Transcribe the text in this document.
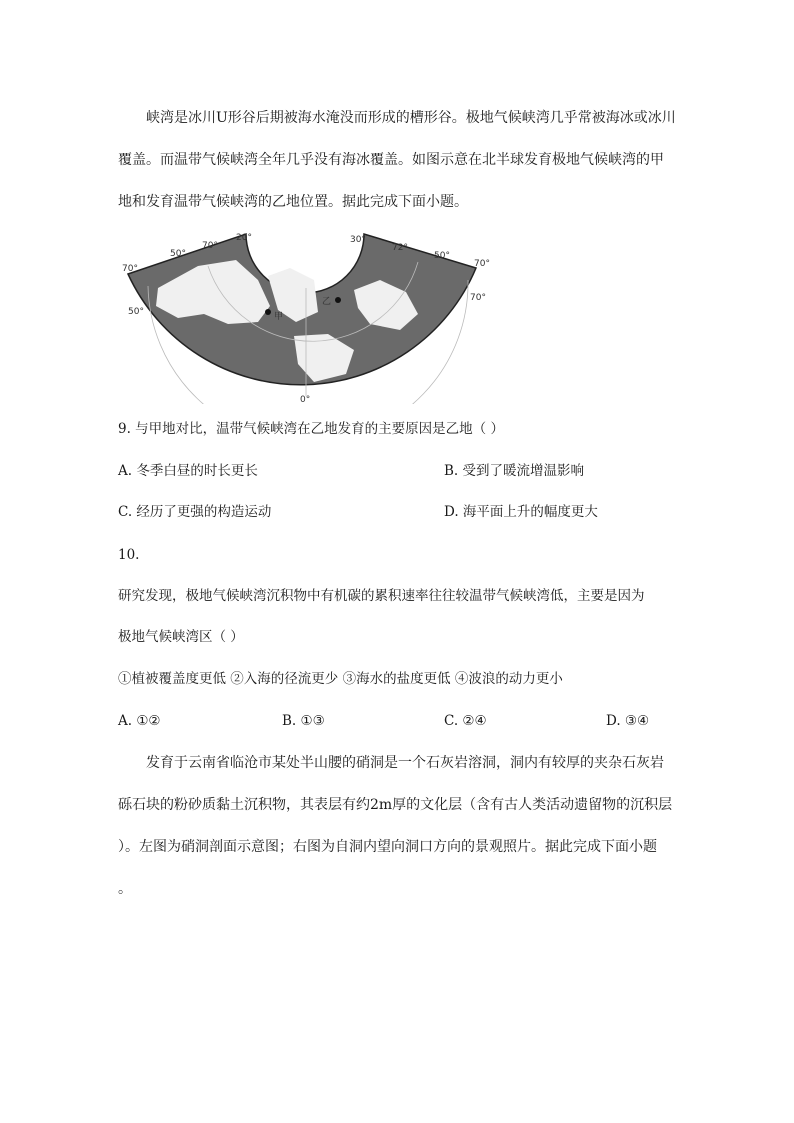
峡湾是冰川U形谷后期被海水淹没而形成的槽形谷。极地气候峡湾几乎常被海冰或冰川
覆盖。而温带气候峡湾全年几乎没有海冰覆盖。如图示意在北半球发育极地气候峡湾的甲
地和发育温带气候峡湾的乙地位置。据此完成下面小题。
甲
乙
70°
50°
50°
70°
20°	30°
72°
50°
70°
70°
0°
9. 与甲地对比，温带气候峡湾在乙地发育的主要原因是乙地（ ）
A. 冬季白昼的时长更长	B. 受到了暖流增温影响
C. 经历了更强的构造运动	D. 海平面上升的幅度更大
10.
研究发现，极地气候峡湾沉积物中有机碳的累积速率往往较温带气候峡湾低，主要是因为
极地气候峡湾区（ ）
①植被覆盖度更低 ②入海的径流更少 ③海水的盐度更低 ④波浪的动力更小
A. ①②	B. ①③	C. ②④	D. ③④
发育于云南省临沧市某处半山腰的硝洞是一个石灰岩溶洞，洞内有较厚的夹杂石灰岩
砾石块的粉砂质黏土沉积物，其表层有约2m厚的文化层（含有古人类活动遗留物的沉积层
）。左图为硝洞剖面示意图；右图为自洞内望向洞口方向的景观照片。据此完成下面小题
。
